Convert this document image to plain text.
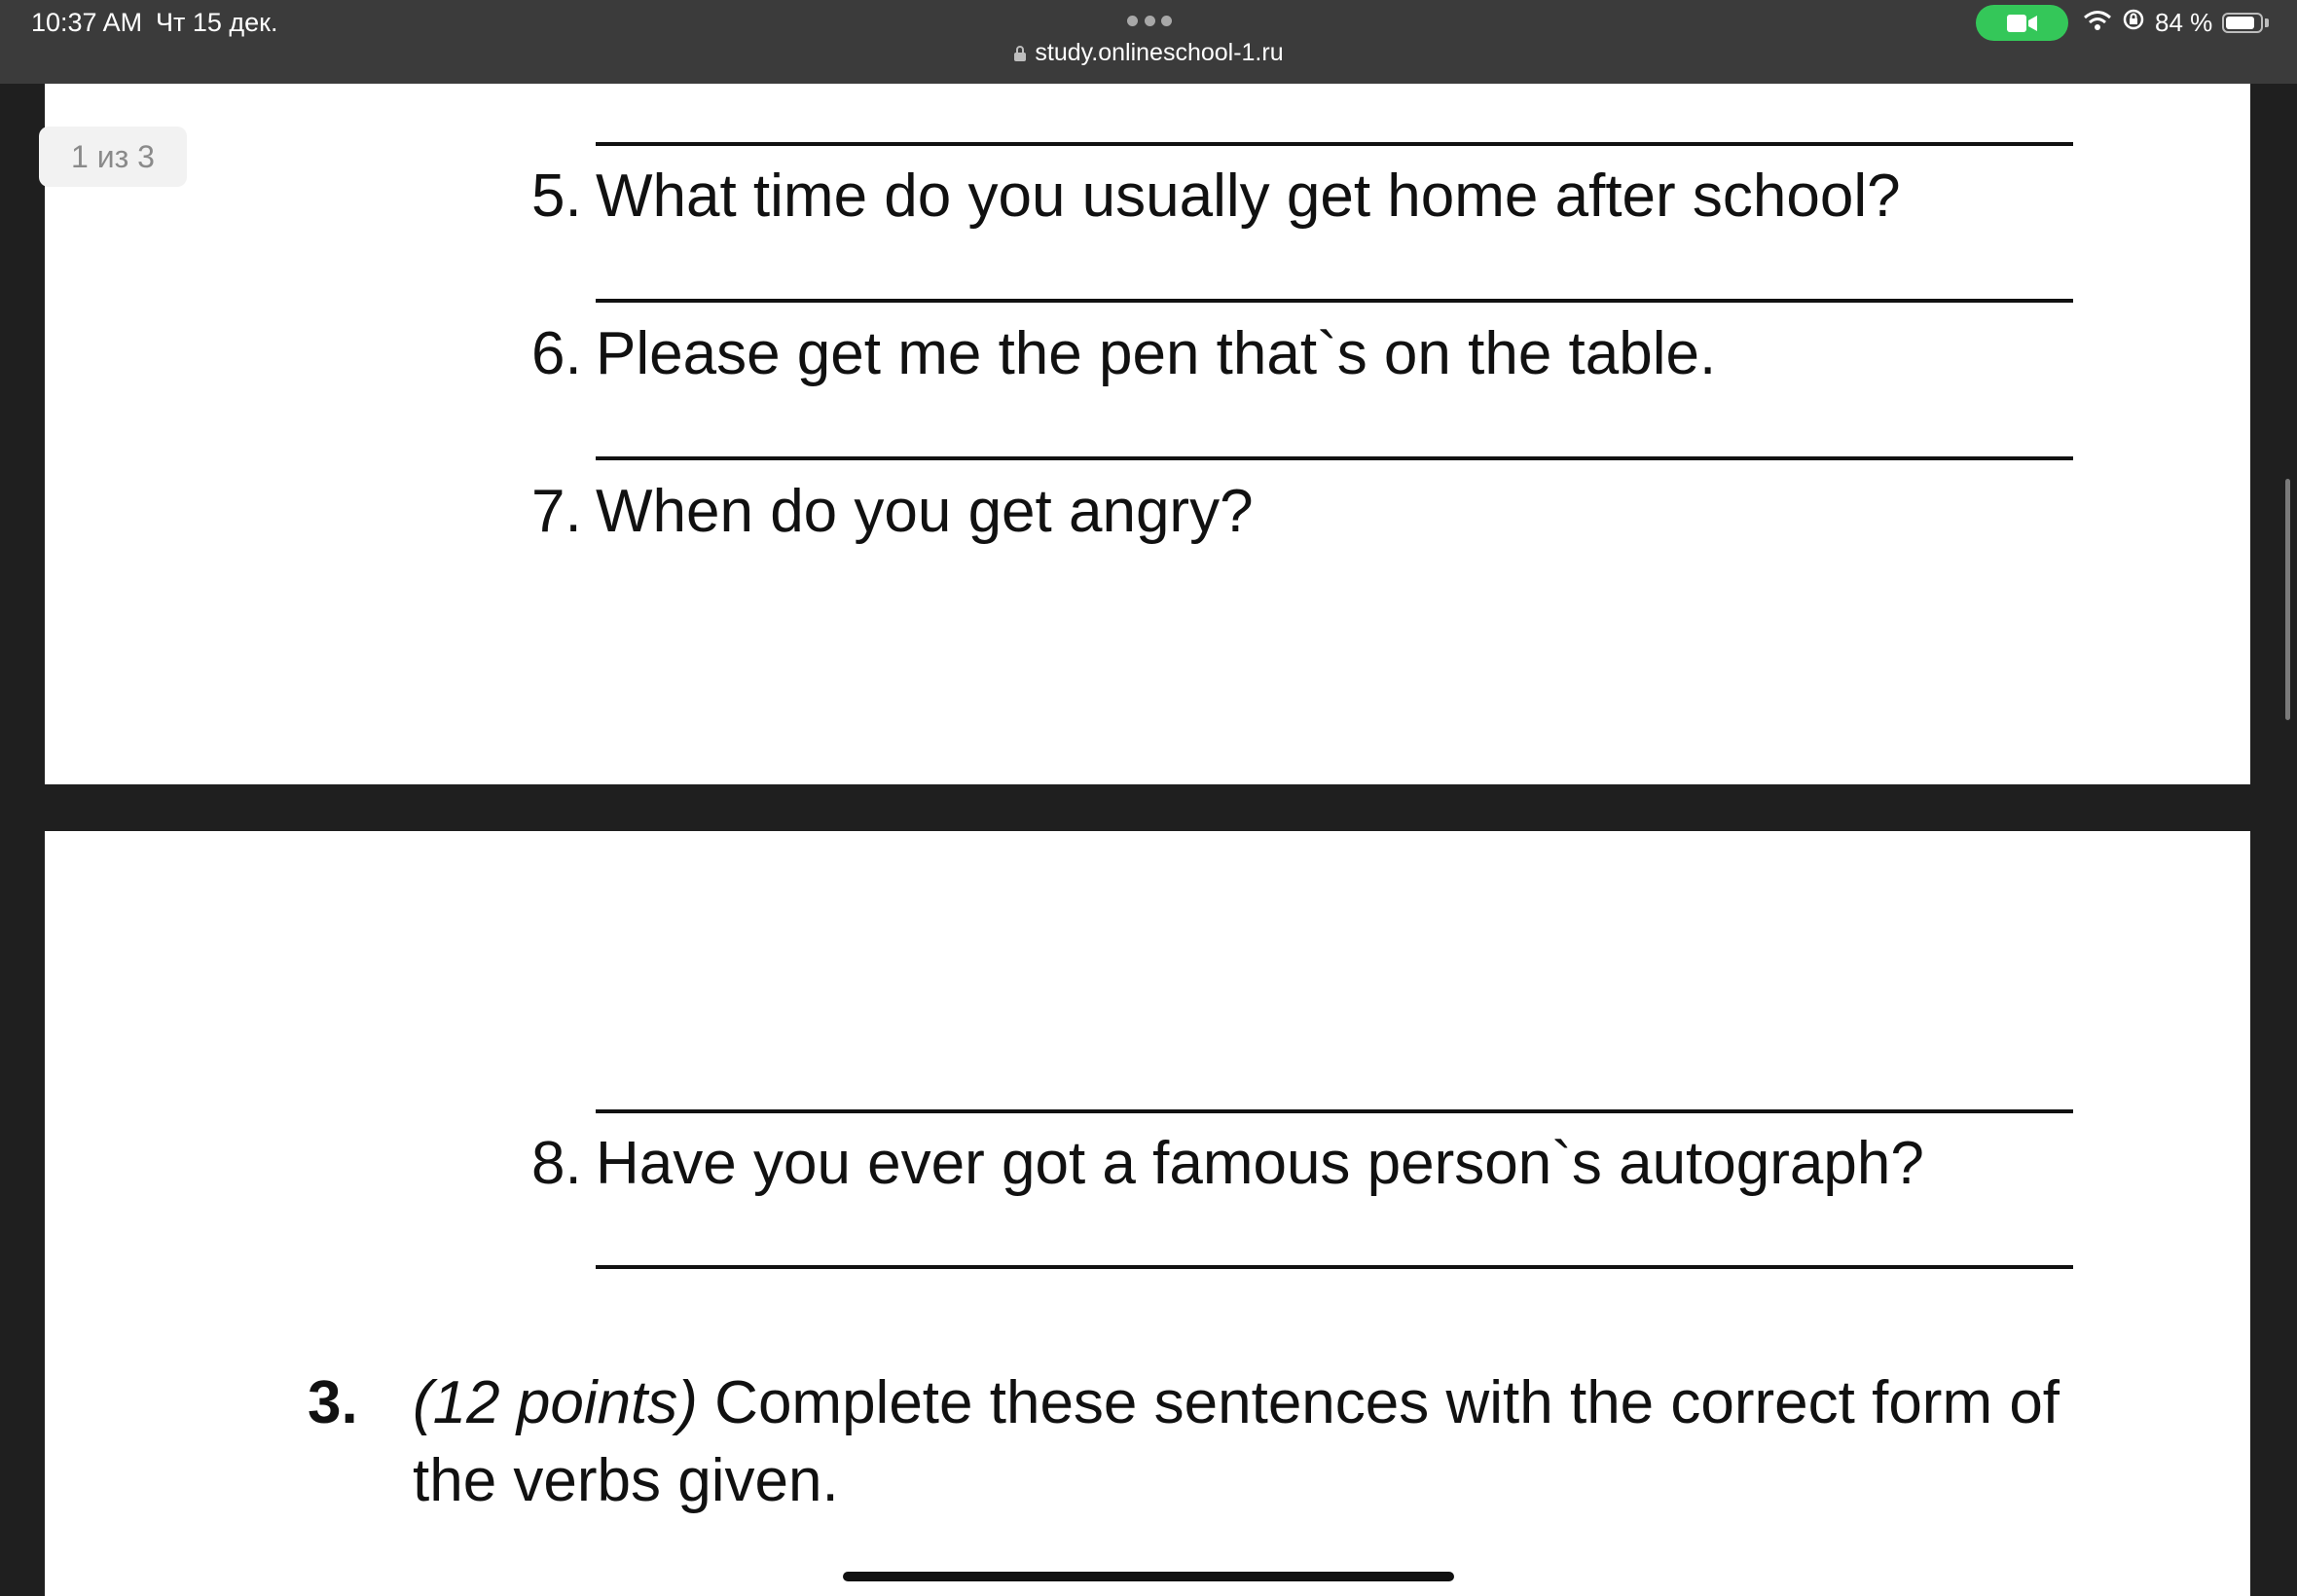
10:37 AM Чт 15 дек.
study.onlineschool-1.ru
84 %
1 из 3
5. What time do you usually get home after school?
6. Please get me the pen that`s on the table.
7. When do you get angry?
8. Have you ever got a famous person`s autograph?
3. (12 points) Complete these sentences with the correct form of
the verbs given.
